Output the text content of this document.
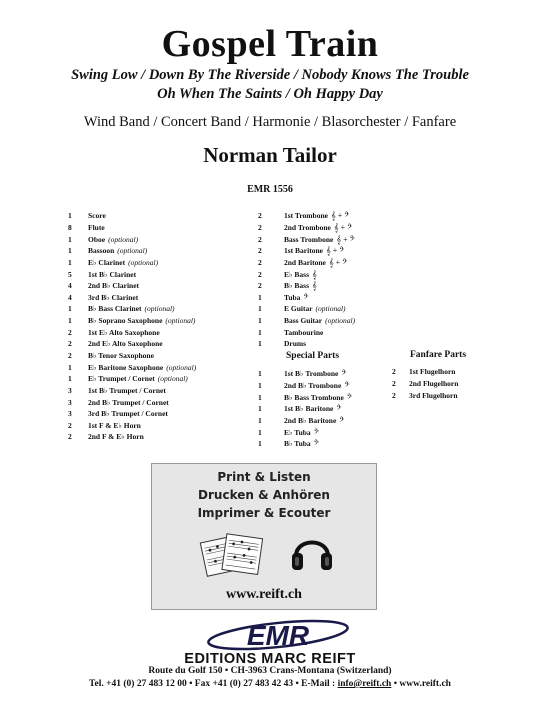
Gospel Train
Swing Low / Down By The Riverside / Nobody Knows The Trouble
Oh When The Saints / Oh Happy Day
Wind Band / Concert Band / Harmonie / Blasorchester / Fanfare
Norman Tailor
EMR 1556
1	Score
8	Flute
1	Oboe (optional)
1	Bassoon (optional)
1	E♭ Clarinet (optional)
5	1st B♭ Clarinet
4	2nd B♭ Clarinet
4	3rd B♭ Clarinet
1	B♭ Bass Clarinet (optional)
1	B♭ Soprano Saxophone (optional)
2	1st E♭ Alto Saxophone
2	2nd E♭ Alto Saxophone
2	B♭ Tenor Saxophone
1	E♭ Baritone Saxophone (optional)
1	E♭ Trumpet / Cornet (optional)
3	1st B♭ Trumpet / Cornet
3	2nd B♭ Trumpet / Cornet
3	3rd B♭ Trumpet / Cornet
2	1st F & E♭ Horn
2	2nd F & E♭ Horn
2	1st Trombone 𝄞 + 𝄢
2	2nd Trombone 𝄞 + 𝄢
2	Bass Trombone 𝄞 + 𝄢
2	1st Baritone 𝄞 + 𝄢
2	2nd Baritone 𝄞 + 𝄢
2	E♭ Bass 𝄞
2	B♭ Bass 𝄞
1	Tuba 𝄢
1	E Guitar (optional)
1	Bass Guitar (optional)
1	Tambourine
1	Drums
Special Parts
1	1st B♭ Trombone 𝄢
1	2nd B♭ Trombone 𝄢
1	B♭ Bass Trombone 𝄢
1	1st B♭ Baritone 𝄢
1	2nd B♭ Baritone 𝄢
1	E♭ Tuba 𝄢
1	B♭ Tuba 𝄢
Fanfare Parts
2	1st Flugelhorn
2	2nd Flugelhorn
2	3rd Flugelhorn
Print & Listen
Drucken & Anhören
Imprimer & Ecouter
www.reift.ch
EMR
EDITIONS MARC REIFT
Route du Golf 150 • CH-3963 Crans-Montana (Switzerland)
Tel. +41 (0) 27 483 12 00 • Fax +41 (0) 27 483 42 43 • E-Mail : info@reift.ch • www.reift.ch
